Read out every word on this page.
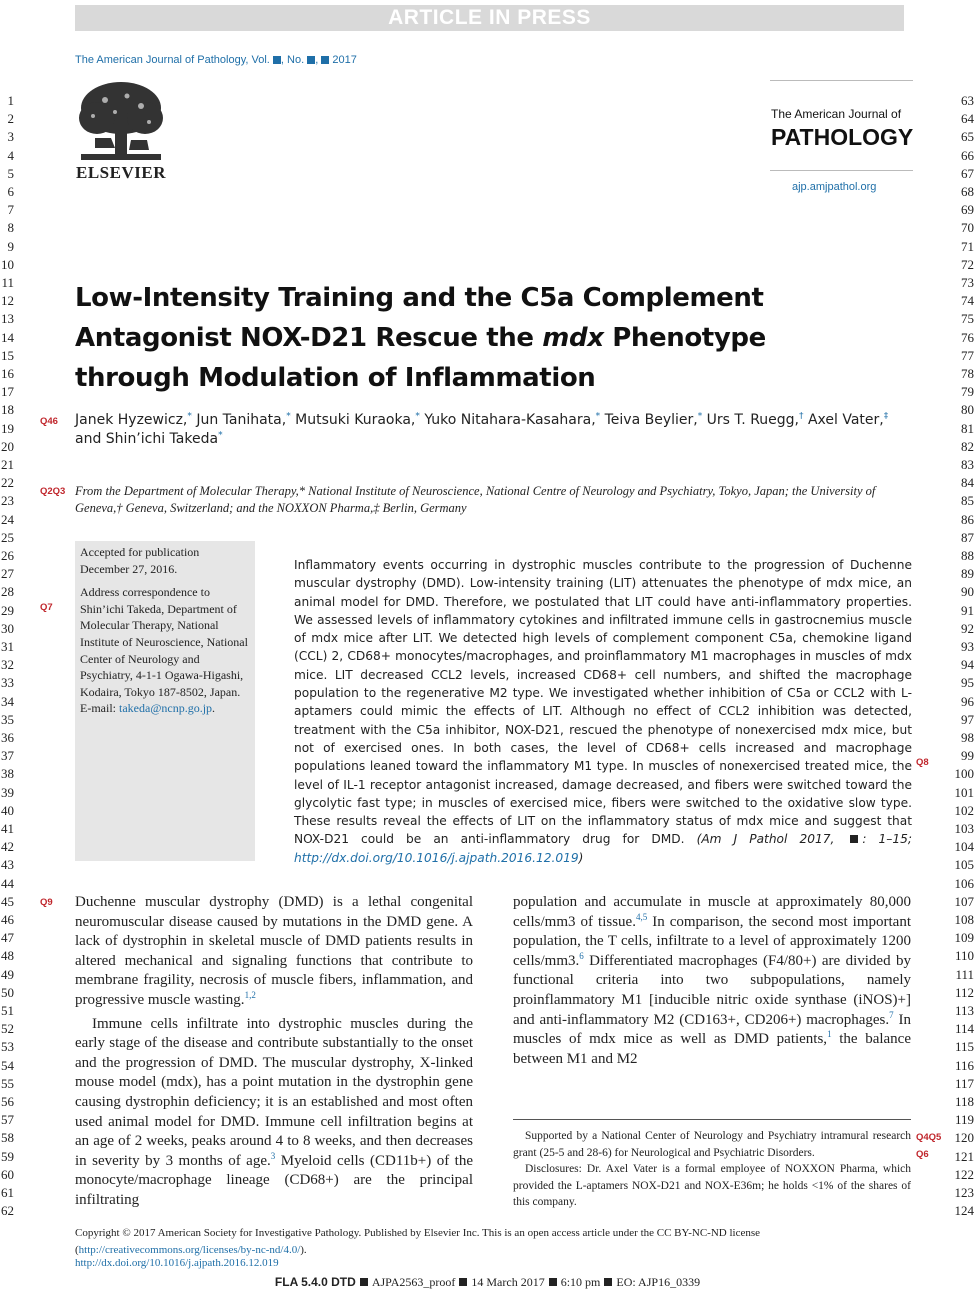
ARTICLE IN PRESS
The American Journal of Pathology, Vol. , No. ,  2017
1
2
3
4
5
6
7
8
9
10
11
12
13
14
15
16
17
18
19
20
21
22
23
24
25
26
27
28
29
30
31
32
33
34
35
36
37
38
39
40
41
42
43
44
45
46
47
48
49
50
51
52
53
54
55
56
57
58
59
60
61
62
63
64
65
66
67
68
69
70
71
72
73
74
75
76
77
78
79
80
81
82
83
84
85
86
87
88
89
90
91
92
93
94
95
96
97
98
99
100
101
102
103
104
105
106
107
108
109
110
111
112
113
114
115
116
117
118
119
120
121
122
123
124
ELSEVIER
The American Journal of
PATHOLOGY
ajp.amjpathol.org
Low-Intensity Training and the C5a Complement Antagonist NOX-D21 Rescue the mdx Phenotype through Modulation of Inflammation
Q46 Janek Hyzewicz,* Jun Tanihata,* Mutsuki Kuraoka,* Yuko Nitahara-Kasahara,* Teiva Beylier,* Urs T. Ruegg,† Axel Vater,‡ and Shin’ichi Takeda*
Q2Q3 From the Department of Molecular Therapy,* National Institute of Neuroscience, National Centre of Neurology and Psychiatry, Tokyo, Japan; the University of Geneva,† Geneva, Switzerland; and the NOXXON Pharma,‡ Berlin, Germany
Q7

Accepted for publication December 27, 2016.

Address correspondence to Shin’ichi Takeda, Department of Molecular Therapy, National Institute of Neuroscience, National Center of Neurology and Psychiatry, 4-1-1 Ogawa-Higashi, Kodaira, Tokyo 187-8502, Japan. E-mail: takeda@ncnp.go.jp.

Inflammatory events occurring in dystrophic muscles contribute to the progression of Duchenne muscular dystrophy (DMD). Low-intensity training (LIT) attenuates the phenotype of mdx mice, an animal model for DMD. Therefore, we postulated that LIT could have anti-inflammatory properties. We assessed levels of inflammatory cytokines and infiltrated immune cells in gastrocnemius muscle of mdx mice after LIT. We detected high levels of complement component C5a, chemokine ligand (CCL) 2, CD68+ monocytes/macrophages, and proinflammatory M1 macrophages in muscles of mdx mice. LIT decreased CCL2 levels, increased CD68+ cell numbers, and shifted the macrophage population to the regenerative M2 type. We investigated whether inhibition of C5a or CCL2 with L-aptamers could mimic the effects of LIT. Although no effect of CCL2 inhibition was detected, treatment with the C5a inhibitor, NOX-D21, rescued the phenotype of nonexercised mdx mice, but not of exercised ones. In both cases, the level of CD68+ cells increased and macrophage populations leaned toward the inflammatory M1 type. In muscles of nonexercised treated mice, the level of IL-1 receptor antagonist increased, damage decreased, and fibers were switched toward the glycolytic fast type; in muscles of exercised mice, fibers were switched to the oxidative slow type. These results reveal the effects of LIT on the inflammatory status of mdx mice and suggest that NOX-D21 could be an anti-inflammatory drug for DMD. (Am J Pathol 2017, : 1–15; http://dx.doi.org/10.1016/j.ajpath.2016.12.019)
Q8
Q9 Duchenne muscular dystrophy (DMD) is a lethal congenital neuromuscular disease caused by mutations in the DMD gene. A lack of dystrophin in skeletal muscle of DMD patients results in altered mechanical and signaling functions that contribute to membrane fragility, necrosis of muscle fibers, inflammation, and progressive muscle wasting.$^{1,2}$

Immune cells infiltrate into dystrophic muscles during the early stage of the disease and contribute substantially to the onset and the progression of DMD. The muscular dystrophy, X-linked mouse model (mdx), has a point mutation in the dystrophin gene causing dystrophin deficiency; it is an established and most often used animal model for DMD. Immune cell infiltration begins at an age of 2 weeks, peaks around 4 to 8 weeks, and then decreases in severity by 3 months of age.$^3$ Myeloid cells (CD11b+) of the monocyte/macrophage lineage (CD68+) are the principal infiltrating

population and accumulate in muscle at approximately 80,000 cells/mm3 of tissue.$^{4,5}$ In comparison, the second most important population, the T cells, infiltrate to a level of approximately 1200 cells/mm3.$^6$ Differentiated macrophages (F4/80+) are divided by functional criteria into two subpopulations, namely proinflammatory M1 [inducible nitric oxide synthase (iNOS)+] and anti-inflammatory M2 (CD163+, CD206+) macrophages.$^7$ In muscles of mdx mice as well as DMD patients,$^1$ the balance between M1 and M2

Supported by a National Center of Neurology and Psychiatry intramural research grant (25-5 and 28-6) for Neurological and Psychiatric Disorders.

Disclosures: Dr. Axel Vater is a formal employee of NOXXON Pharma, which provided the L-aptamers NOX-D21 and NOX-E36m; he holds <1% of the shares of this company.

Q4Q5
Q6
Copyright © 2017 American Society for Investigative Pathology. Published by Elsevier Inc. This is an open access article under the CC BY-NC-ND license (http://creativecommons.org/licenses/by-nc-nd/4.0/).
http://dx.doi.org/10.1016/j.ajpath.2016.12.019
FLA 5.4.0 DTD AJPA2563_proof 14 March 2017 6:10 pm EO: AJP16_0339
